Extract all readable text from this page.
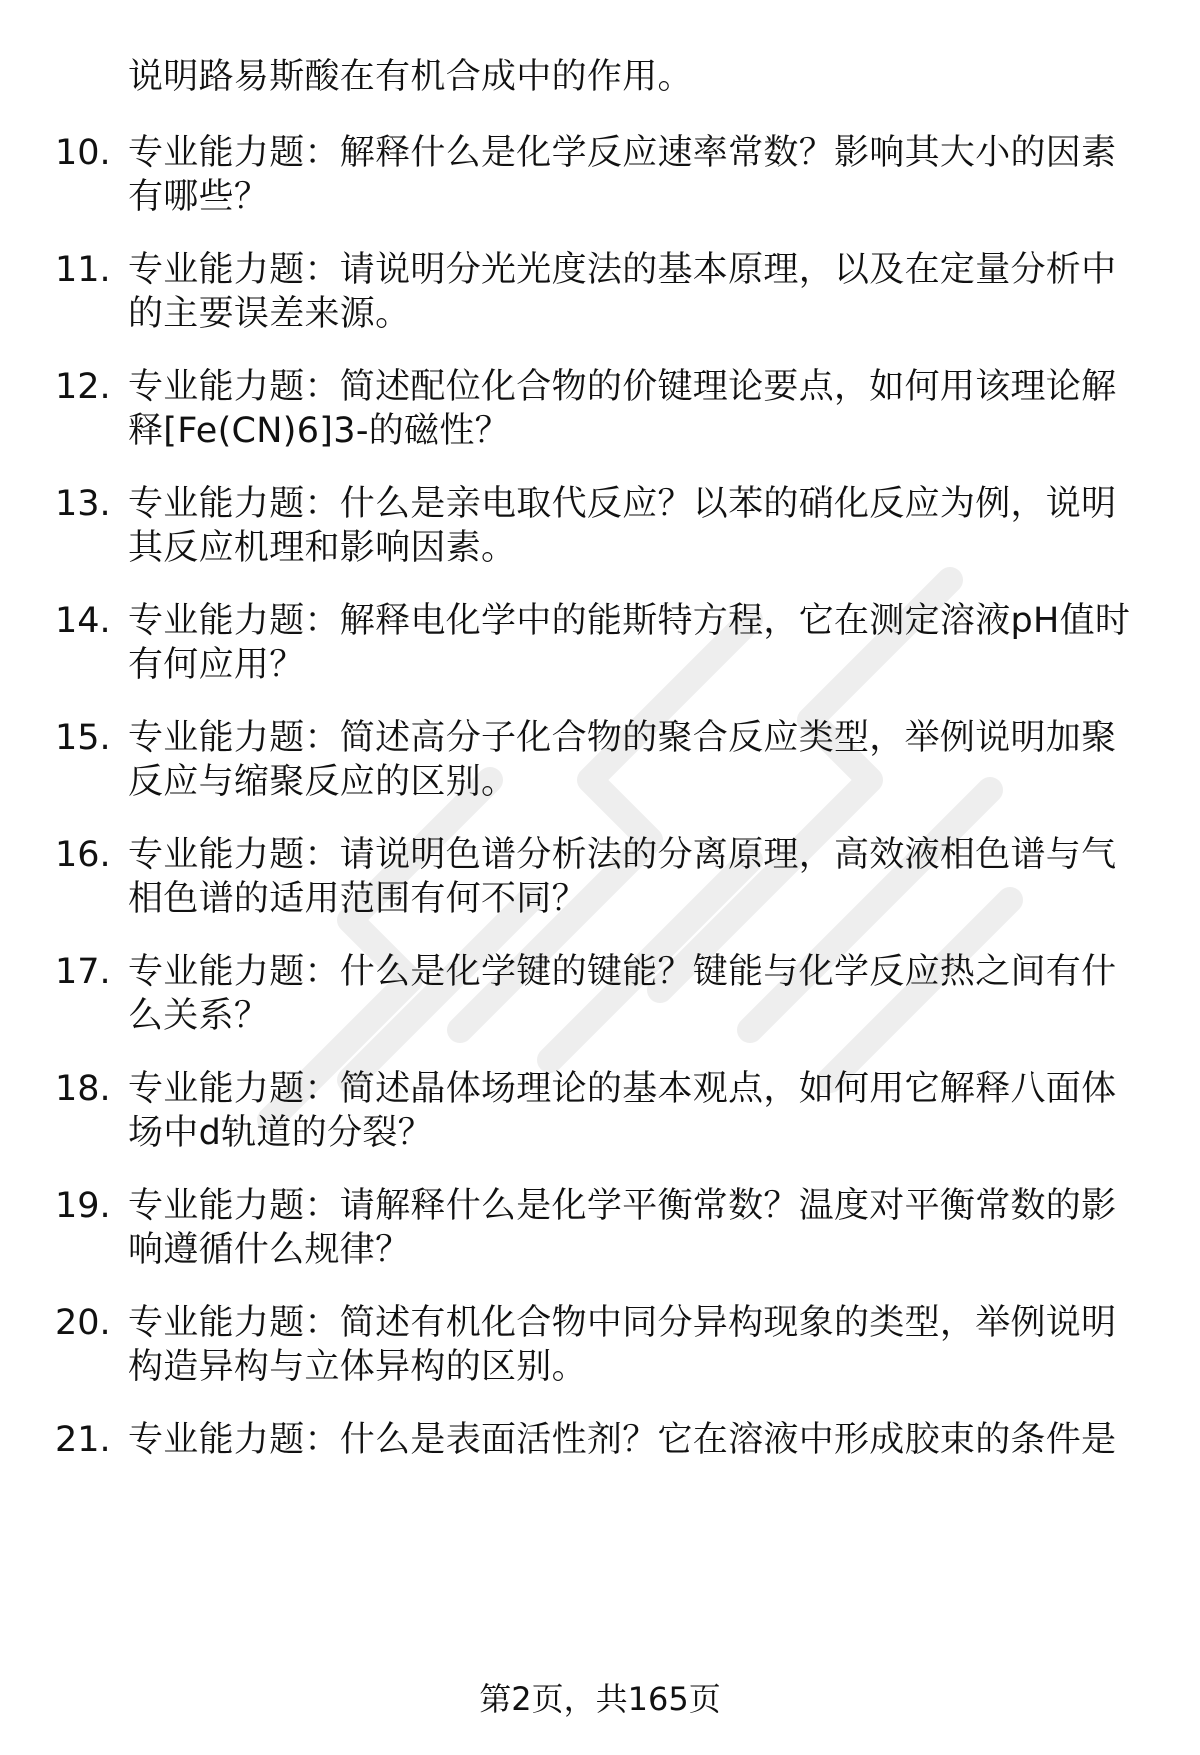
说明路易斯酸在有机合成中的作用。
10. 专业能力题：解释什么是化学反应速率常数？影响其大小的因素
有哪些？
11. 专业能力题：请说明分光光度法的基本原理，以及在定量分析中
的主要误差来源。
12. 专业能力题：简述配位化合物的价键理论要点，如何用该理论解
释[Fe(CN)6]3-的磁性？
13. 专业能力题：什么是亲电取代反应？以苯的硝化反应为例，说明
其反应机理和影响因素。
14. 专业能力题：解释电化学中的能斯特方程，它在测定溶液pH值时
有何应用？
15. 专业能力题：简述高分子化合物的聚合反应类型，举例说明加聚
反应与缩聚反应的区别。
16. 专业能力题：请说明色谱分析法的分离原理，高效液相色谱与气
相色谱的适用范围有何不同？
17. 专业能力题：什么是化学键的键能？键能与化学反应热之间有什
么关系？
18. 专业能力题：简述晶体场理论的基本观点，如何用它解释八面体
场中d轨道的分裂？
19. 专业能力题：请解释什么是化学平衡常数？温度对平衡常数的影
响遵循什么规律？
20. 专业能力题：简述有机化合物中同分异构现象的类型，举例说明
构造异构与立体异构的区别。
21. 专业能力题：什么是表面活性剂？它在溶液中形成胶束的条件是
第2页，共165页
